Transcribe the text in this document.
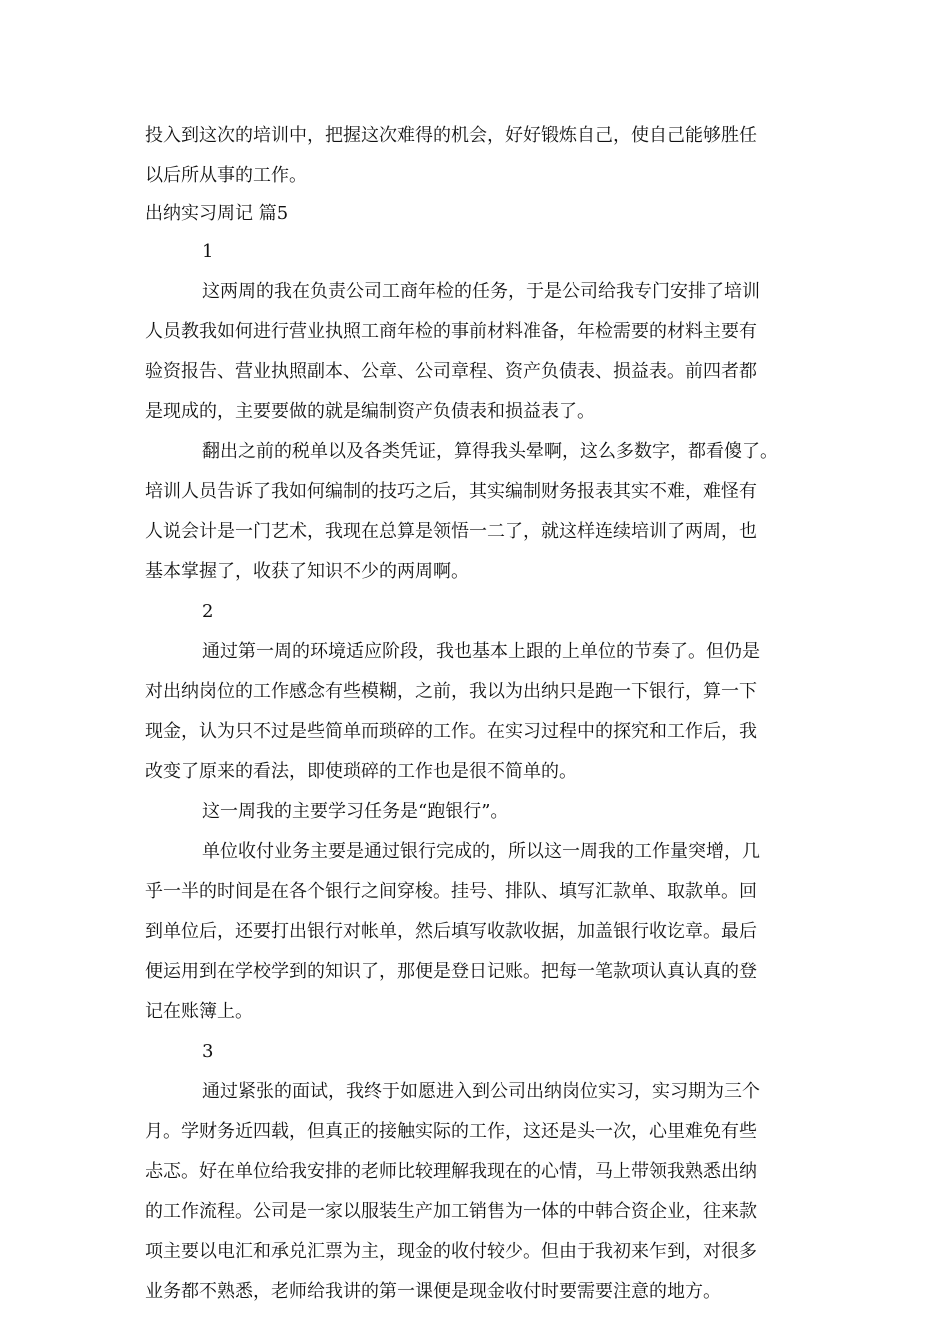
投入到这次的培训中，把握这次难得的机会，好好锻炼自己，使自己能够胜任
以后所从事的工作。
出纳实习周记 篇5
1
这两周的我在负责公司工商年检的任务，于是公司给我专门安排了培训
人员教我如何进行营业执照工商年检的事前材料准备，年检需要的材料主要有
验资报告、营业执照副本、公章、公司章程、资产负债表、损益表。前四者都
是现成的，主要要做的就是编制资产负债表和损益表了。
翻出之前的税单以及各类凭证，算得我头晕啊，这么多数字，都看傻了。
培训人员告诉了我如何编制的技巧之后，其实编制财务报表其实不难，难怪有
人说会计是一门艺术，我现在总算是领悟一二了，就这样连续培训了两周，也
基本掌握了，收获了知识不少的两周啊。
2
通过第一周的环境适应阶段，我也基本上跟的上单位的节奏了。但仍是
对出纳岗位的工作感念有些模糊，之前，我以为出纳只是跑一下银行，算一下
现金，认为只不过是些简单而琐碎的工作。在实习过程中的探究和工作后，我
改变了原来的看法，即使琐碎的工作也是很不简单的。
这一周我的主要学习任务是“跑银行”。
单位收付业务主要是通过银行完成的，所以这一周我的工作量突增，几
乎一半的时间是在各个银行之间穿梭。挂号、排队、填写汇款单、取款单。回
到单位后，还要打出银行对帐单，然后填写收款收据，加盖银行收讫章。最后
便运用到在学校学到的知识了，那便是登日记账。把每一笔款项认真认真的登
记在账簿上。
3
通过紧张的面试，我终于如愿进入到公司出纳岗位实习，实习期为三个
月。学财务近四载，但真正的接触实际的工作，这还是头一次，心里难免有些
忐忑。好在单位给我安排的老师比较理解我现在的心情，马上带领我熟悉出纳
的工作流程。公司是一家以服装生产加工销售为一体的中韩合资企业，往来款
项主要以电汇和承兑汇票为主，现金的收付较少。但由于我初来乍到，对很多
业务都不熟悉，老师给我讲的第一课便是现金收付时要需要注意的地方。
